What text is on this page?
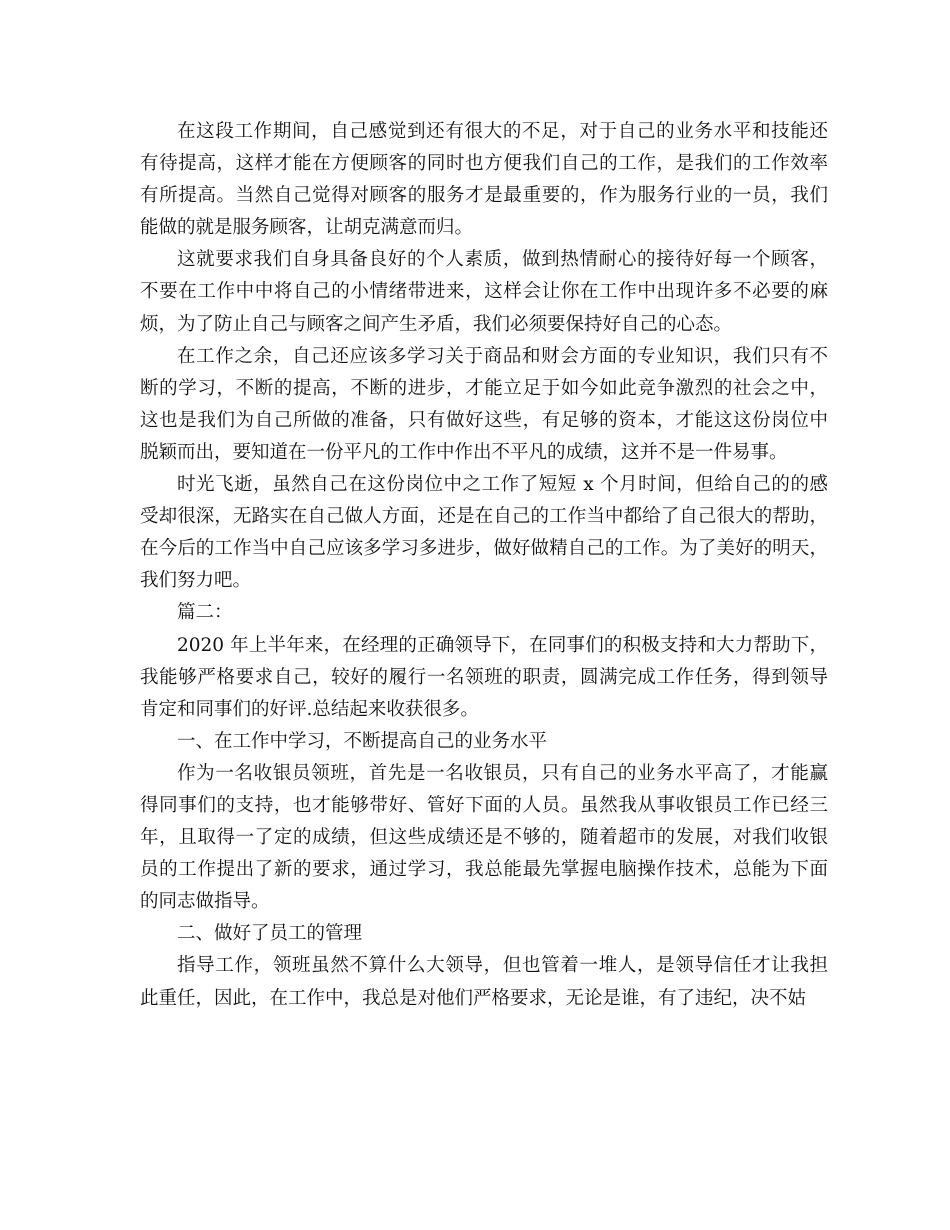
在这段工作期间，自己感觉到还有很大的不足，对于自己的业务水平和技能还
有待提高，这样才能在方便顾客的同时也方便我们自己的工作，是我们的工作效率
有所提高。当然自己觉得对顾客的服务才是最重要的，作为服务行业的一员，我们
能做的就是服务顾客，让胡克满意而归。
这就要求我们自身具备良好的个人素质，做到热情耐心的接待好每一个顾客，
不要在工作中中将自己的小情绪带进来，这样会让你在工作中出现许多不必要的麻
烦，为了防止自己与顾客之间产生矛盾，我们必须要保持好自己的心态。
在工作之余，自己还应该多学习关于商品和财会方面的专业知识，我们只有不
断的学习，不断的提高，不断的进步，才能立足于如今如此竞争激烈的社会之中，
这也是我们为自己所做的准备，只有做好这些，有足够的资本，才能这这份岗位中
脱颖而出，要知道在一份平凡的工作中作出不平凡的成绩，这并不是一件易事。
时光飞逝，虽然自己在这份岗位中之工作了短短 x 个月时间，但给自己的的感
受却很深，无路实在自己做人方面，还是在自己的工作当中都给了自己很大的帮助，
在今后的工作当中自己应该多学习多进步，做好做精自己的工作。为了美好的明天，
我们努力吧。
篇二：
2020 年上半年来，在经理的正确领导下，在同事们的积极支持和大力帮助下，
我能够严格要求自己，较好的履行一名领班的职责，圆满完成工作任务，得到领导
肯定和同事们的好评.总结起来收获很多。
一、在工作中学习，不断提高自己的业务水平
作为一名收银员领班，首先是一名收银员，只有自己的业务水平高了，才能赢
得同事们的支持，也才能够带好、管好下面的人员。虽然我从事收银员工作已经三
年，且取得一了定的成绩，但这些成绩还是不够的，随着超市的发展，对我们收银
员的工作提出了新的要求，通过学习，我总能最先掌握电脑操作技术，总能为下面
的同志做指导。
二、做好了员工的管理
指导工作，领班虽然不算什么大领导，但也管着一堆人，是领导信任才让我担
此重任，因此，在工作中，我总是对他们严格要求，无论是谁，有了违纪，决不姑
